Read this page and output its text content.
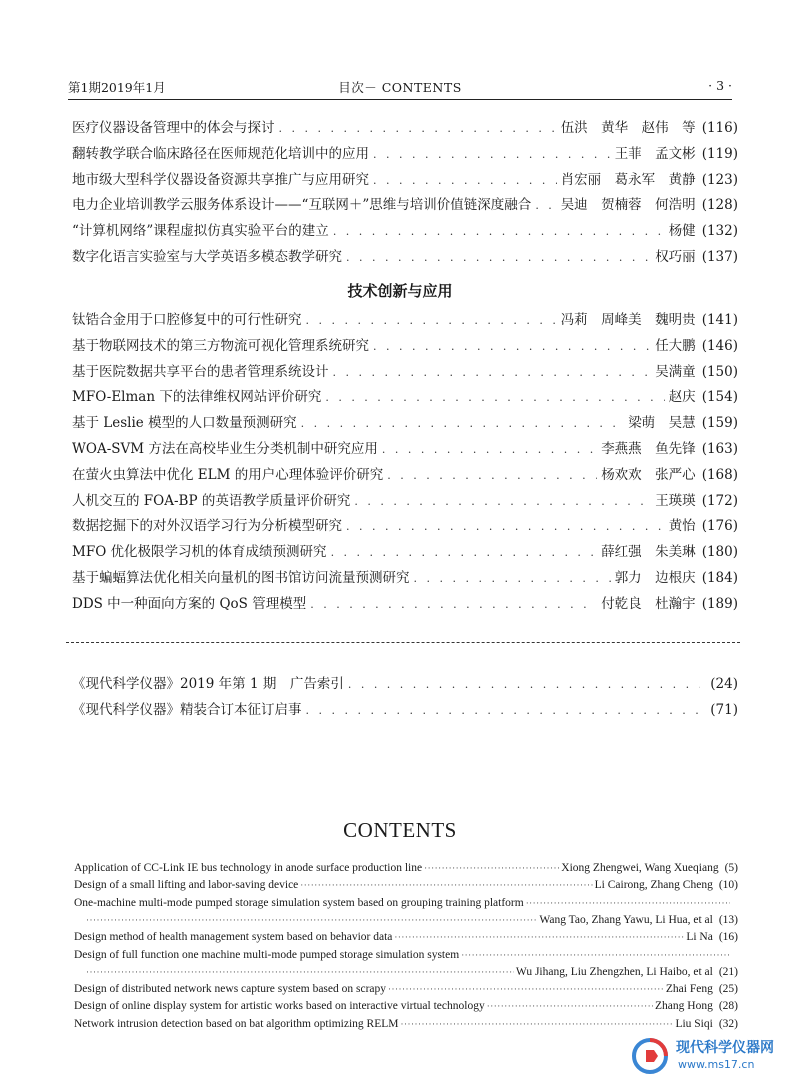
第1期2019年1月	目次－ CONTENTS	· 3 ·
医疗仪器设备管理中的体会与探讨 . . .	伍洪　黄华　赵伟　等 (116)
翻转教学联合临床路径在医师规范化培训中的应用 . . .	王菲　孟文彬 (119)
地市级大型科学仪器设备资源共享推广与应用研究 . . .	肖宏丽　葛永军　黄静 (123)
电力企业培训教学云服务体系设计——“互联网＋”思维与培训价值链深度融合 . . . 吴迪　贺楠蓉　何浩明 (128)
“计算机网络”课程虚拟仿真实验平台的建立 . . .	杨健 (132)
数字化语言实验室与大学英语多模态教学研究 . . .	权巧丽 (137)
钛锆合金用于口腔修复中的可行性研究 . . .	冯莉　周峰美　魏明贵 (141)
基于物联网技术的第三方物流可视化管理系统研究 . . .	任大鹏 (146)
基于医院数据共享平台的患者管理系统设计 . . .	吴满童 (150)
MFO-Elman 下的法律维权网站评价研究 . . .	赵庆 (154)
基于 Leslie 模型的人口数量预测研究 . . .	梁萌　吴慧 (159)
WOA-SVM 方法在高校毕业生分类机制中研究应用 . . .	李燕燕　鱼先锋 (163)
在萤火虫算法中优化 ELM 的用户心理体验评价研究 . . .	杨欢欢　张严心 (168)
人机交互的 FOA-BP 的英语教学质量评价研究 . . .	王瑛瑛 (172)
数据挖掘下的对外汉语学习行为分析模型研究 . . .	黄怡 (176)
MFO 优化极限学习机的体育成绩预测研究 . . .	薛红强　朱美琳 (180)
基于蝙蝠算法优化相关向量机的图书馆访问流量预测研究 . . .	郭力　边根庆 (184)
DDS 中一种面向方案的 QoS 管理模型 . . .	付乾良　杜瀚宇 (189)
《现代科学仪器》2019 年第 1 期　广告索引 . . .	(24)
《现代科学仪器》精装合订本征订启事 . . .	(71)
技术创新与应用
CONTENTS
Application of CC-Link IE bus technology in anode surface production line ·····	Xiong Zhengwei, Wang Xueqiang (5)
Design of a small lifting and labor-saving device ·····	Li Cairong, Zhang Cheng (10)
One-machine multi-mode pumped storage simulation system based on grouping training platform
·····
·····
Wang Tao, Zhang Yawu, Li Hua, et al (13)
Design method of health management system based on behavior data ·····	Li Na (16)
Design of full function one machine multi-mode pumped storage simulation system
·····
·····
Wu Jihang, Liu Zhengzhen, Li Haibo, et al (21)
Design of distributed network news capture system based on scrapy ·····	Zhai Feng (25)
Design of online display system for artistic works based on interactive virtual technology ·····	Zhang Hong (28)
Network intrusion detection based on bat algorithm optimizing RELM ·····	Liu Siqi (32)
现代科学仪器网
www.ms17.cn
